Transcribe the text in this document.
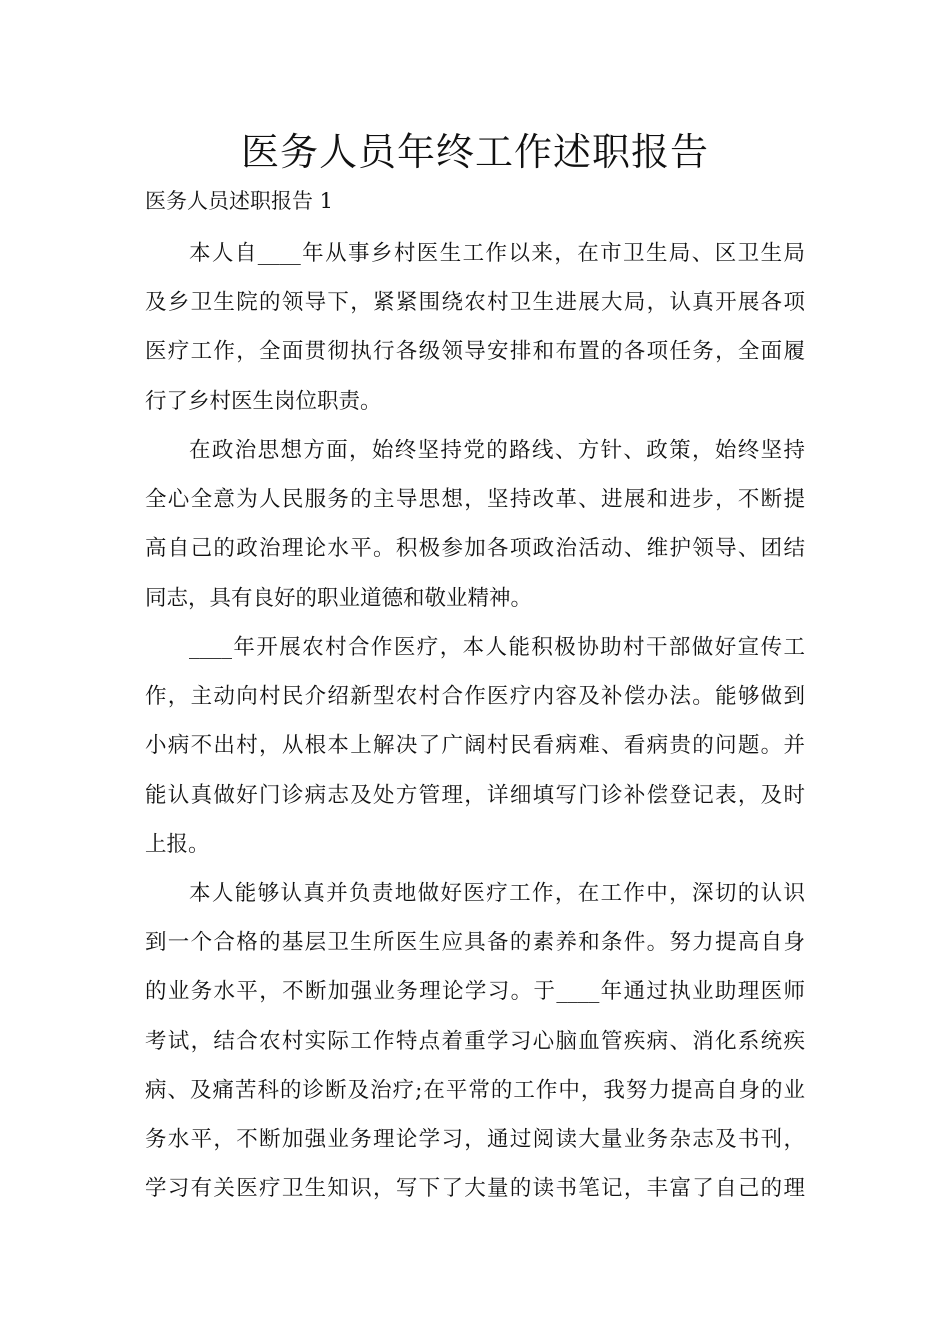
医务人员年终工作述职报告

医务人员述职报告 1

本人自____年从事乡村医生工作以来，在市卫生局、区卫生局
及乡卫生院的领导下，紧紧围绕农村卫生进展大局，认真开展各项
医疗工作，全面贯彻执行各级领导安排和布置的各项任务，全面履
行了乡村医生岗位职责。
在政治思想方面，始终坚持党的路线、方针、政策，始终坚持
全心全意为人民服务的主导思想，坚持改革、进展和进步，不断提
高自己的政治理论水平。积极参加各项政治活动、维护领导、团结
同志，具有良好的职业道德和敬业精神。
____年开展农村合作医疗，本人能积极协助村干部做好宣传工
作，主动向村民介绍新型农村合作医疗内容及补偿办法。能够做到
小病不出村，从根本上解决了广阔村民看病难、看病贵的问题。并
能认真做好门诊病志及处方管理，详细填写门诊补偿登记表，及时
上报。
本人能够认真并负责地做好医疗工作，在工作中，深切的认识
到一个合格的基层卫生所医生应具备的素养和条件。努力提高自身
的业务水平，不断加强业务理论学习。于____年通过执业助理医师
考试，结合农村实际工作特点着重学习心脑血管疾病、消化系统疾
病、及痛苦科的诊断及治疗;在平常的工作中，我努力提高自身的业
务水平，不断加强业务理论学习，通过阅读大量业务杂志及书刊，
学习有关医疗卫生知识，写下了大量的读书笔记，丰富了自己的理
